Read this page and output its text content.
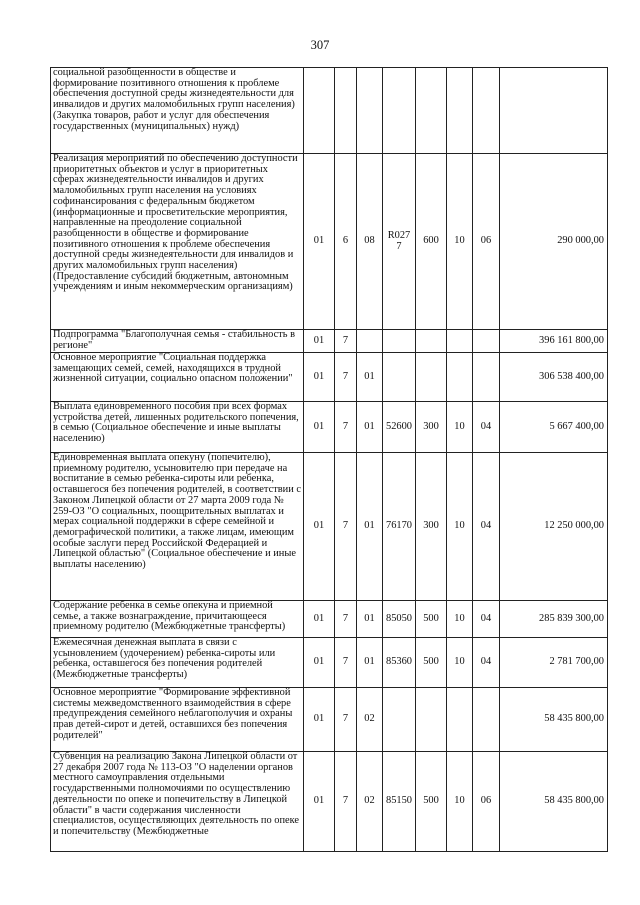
307
социальной разобщенности в обществе и формирование позитивного отношения к проблеме обеспечения доступной среды жизнедеятельности для инвалидов и других маломобильных групп населения) (Закупка товаров, работ и услуг для обеспечения государственных (муниципальных) нужд)								
Реализация мероприятий по обеспечению доступности приоритетных объектов и услуг в приоритетных сферах жизнедеятельности инвалидов и других маломобильных групп населения на условиях софинансирования с федеральным бюджетом (информационные и просветительские мероприятия, направленные на преодоление социальной разобщенности в обществе и формирование позитивного отношения к проблеме обеспечения доступной среды жизнедеятельности для инвалидов и других маломобильных групп населения) (Предоставление субсидий бюджетным, автономным учреждениям и иным некоммерческим организациям)	01	6	08	R027 7	600	10	06	290 000,00
Подпрограмма "Благополучная семья - стабильность в регионе"	01	7						396 161 800,00
Основное мероприятие "Социальная поддержка замещающих семей, семей, находящихся в трудной жизненной ситуации, социально опасном положении"	01	7	01					306 538 400,00
Выплата единовременного пособия при всех формах устройства детей, лишенных родительского попечения, в семью (Социальное обеспечение и иные выплаты населению)	01	7	01	52600	300	10	04	5 667 400,00
Единовременная выплата опекуну (попечителю), приемному родителю, усыновителю при передаче на воспитание в семью ребенка-сироты или ребенка, оставшегося без попечения родителей, в соответствии с Законом Липецкой области от 27 марта 2009 года № 259-ОЗ "О социальных, поощрительных выплатах и мерах социальной поддержки в сфере семейной и демографической политики, а также лицам, имеющим особые заслуги перед Российской Федерацией и Липецкой областью" (Социальное обеспечение и иные выплаты населению)	01	7	01	76170	300	10	04	12 250 000,00
Содержание ребенка в семье опекуна и приемной семье, а также вознаграждение, причитающееся приемному родителю (Межбюджетные трансферты)	01	7	01	85050	500	10	04	285 839 300,00
Ежемесячная денежная выплата в связи с усыновлением (удочерением) ребенка-сироты или ребенка, оставшегося без попечения родителей (Межбюджетные трансферты)	01	7	01	85360	500	10	04	2 781 700,00
Основное мероприятие "Формирование эффективной системы межведомственного взаимодействия в сфере предупреждения семейного неблагополучия и охраны прав детей-сирот и детей, оставшихся без попечения родителей"	01	7	02					58 435 800,00
Субвенция на реализацию Закона Липецкой области от 27 декабря 2007 года № 113-ОЗ "О наделении органов местного самоуправления отдельными государственными полномочиями по осуществлению деятельности по опеке и попечительству в Липецкой области" в части содержания численности специалистов, осуществляющих деятельность по опеке и попечительству (Межбюджетные	01	7	02	85150	500	10	06	58 435 800,00
